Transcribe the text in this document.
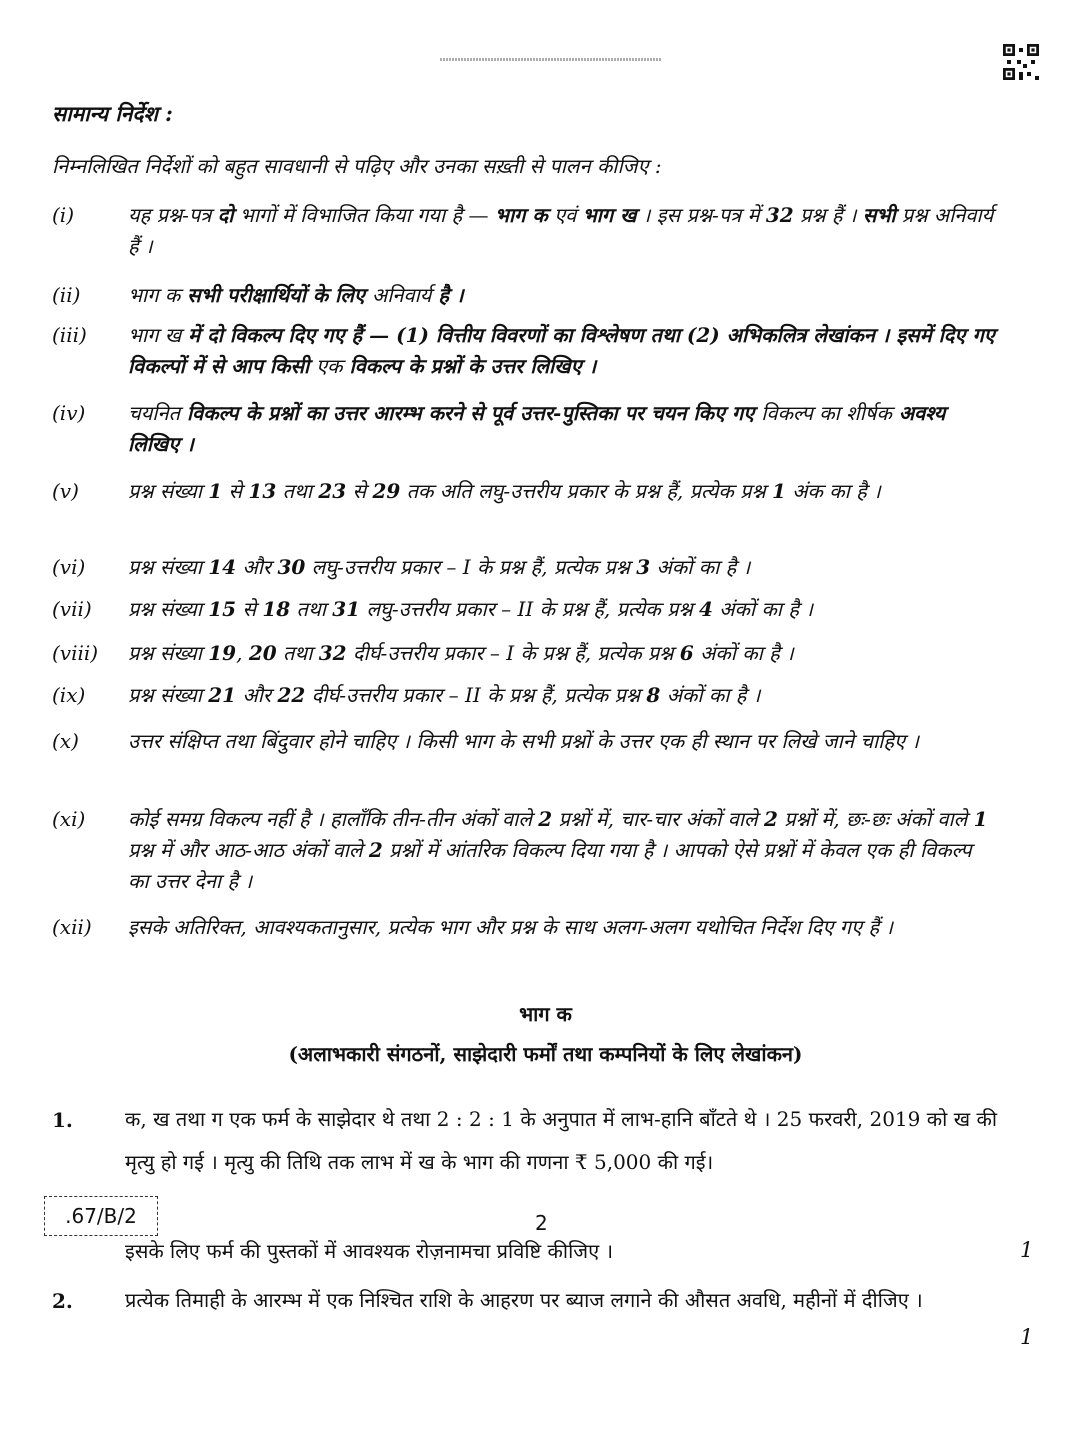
सामान्य निर्देश :
निम्नलिखित निर्देशों को बहुत सावधानी से पढ़िए और उनका सख़्ती से पालन कीजिए :
(i)	यह प्रश्न-पत्र दो भागों में विभाजित किया गया है — भाग क एवं भाग ख । इस प्रश्न-पत्र में 32 प्रश्न हैं । सभी प्रश्न अनिवार्य हैं ।
(ii) भाग क सभी परीक्षार्थियों के लिए अनिवार्य है ।
(iii) भाग ख में दो विकल्प दिए गए हैं — (1) वित्तीय विवरणों का विश्लेषण तथा (2) अभिकलित्र लेखांकन । इसमें दिए गए विकल्पों में से आप किसी एक विकल्प के प्रश्नों के उत्तर लिखिए ।
(iv) चयनित विकल्प के प्रश्नों का उत्तर आरम्भ करने से पूर्व उत्तर-पुस्तिका पर चयन किए गए विकल्प का शीर्षक अवश्य लिखिए ।
(v) प्रश्न संख्या 1 से 13 तथा 23 से 29 तक अति लघु-उत्तरीय प्रकार के प्रश्न हैं, प्रत्येक प्रश्न 1 अंक का है ।
(vi) प्रश्न संख्या 14 और 30 लघु-उत्तरीय प्रकार – I के प्रश्न हैं, प्रत्येक प्रश्न 3 अंकों का है ।
(vii) प्रश्न संख्या 15 से 18 तथा 31 लघु-उत्तरीय प्रकार – II के प्रश्न हैं, प्रत्येक प्रश्न 4 अंकों का है ।
(viii) प्रश्न संख्या 19, 20 तथा 32 दीर्घ-उत्तरीय प्रकार – I के प्रश्न हैं, प्रत्येक प्रश्न 6 अंकों का है ।
(ix) प्रश्न संख्या 21 और 22 दीर्घ-उत्तरीय प्रकार – II के प्रश्न हैं, प्रत्येक प्रश्न 8 अंकों का है ।
(x) उत्तर संक्षिप्त तथा बिंदुवार होने चाहिए । किसी भाग के सभी प्रश्नों के उत्तर एक ही स्थान पर लिखे जाने चाहिए ।
(xi) कोई समग्र विकल्प नहीं है । हालाँकि तीन-तीन अंकों वाले 2 प्रश्नों में, चार-चार अंकों वाले 2 प्रश्नों में, छः-छः अंकों वाले 1 प्रश्न में और आठ-आठ अंकों वाले 2 प्रश्नों में आंतरिक विकल्प दिया गया है । आपको ऐसे प्रश्नों में केवल एक ही विकल्प का उत्तर देना है ।
(xii) इसके अतिरिक्त, आवश्यकतानुसार, प्रत्येक भाग और प्रश्न के साथ अलग-अलग यथोचित निर्देश दिए गए हैं ।
भाग क
(अलाभकारी संगठनों, साझेदारी फर्मों तथा कम्पनियों के लिए लेखांकन)
1.	क, ख तथा ग एक फर्म के साझेदार थे तथा 2 : 2 : 1 के अनुपात में लाभ-हानि बाँटते थे । 25 फरवरी, 2019 को ख की मृत्यु हो गई । मृत्यु की तिथि तक लाभ में ख के भाग की गणना ₹ 5,000 की गई।
इसके लिए फर्म की पुस्तकों में आवश्यक रोज़नामचा प्रविष्टि कीजिए ।	1
2.	प्रत्येक तिमाही के आरम्भ में एक निश्चित राशि के आहरण पर ब्याज लगाने की औसत अवधि, महीनों में दीजिए ।
1
.67/B/2	2
